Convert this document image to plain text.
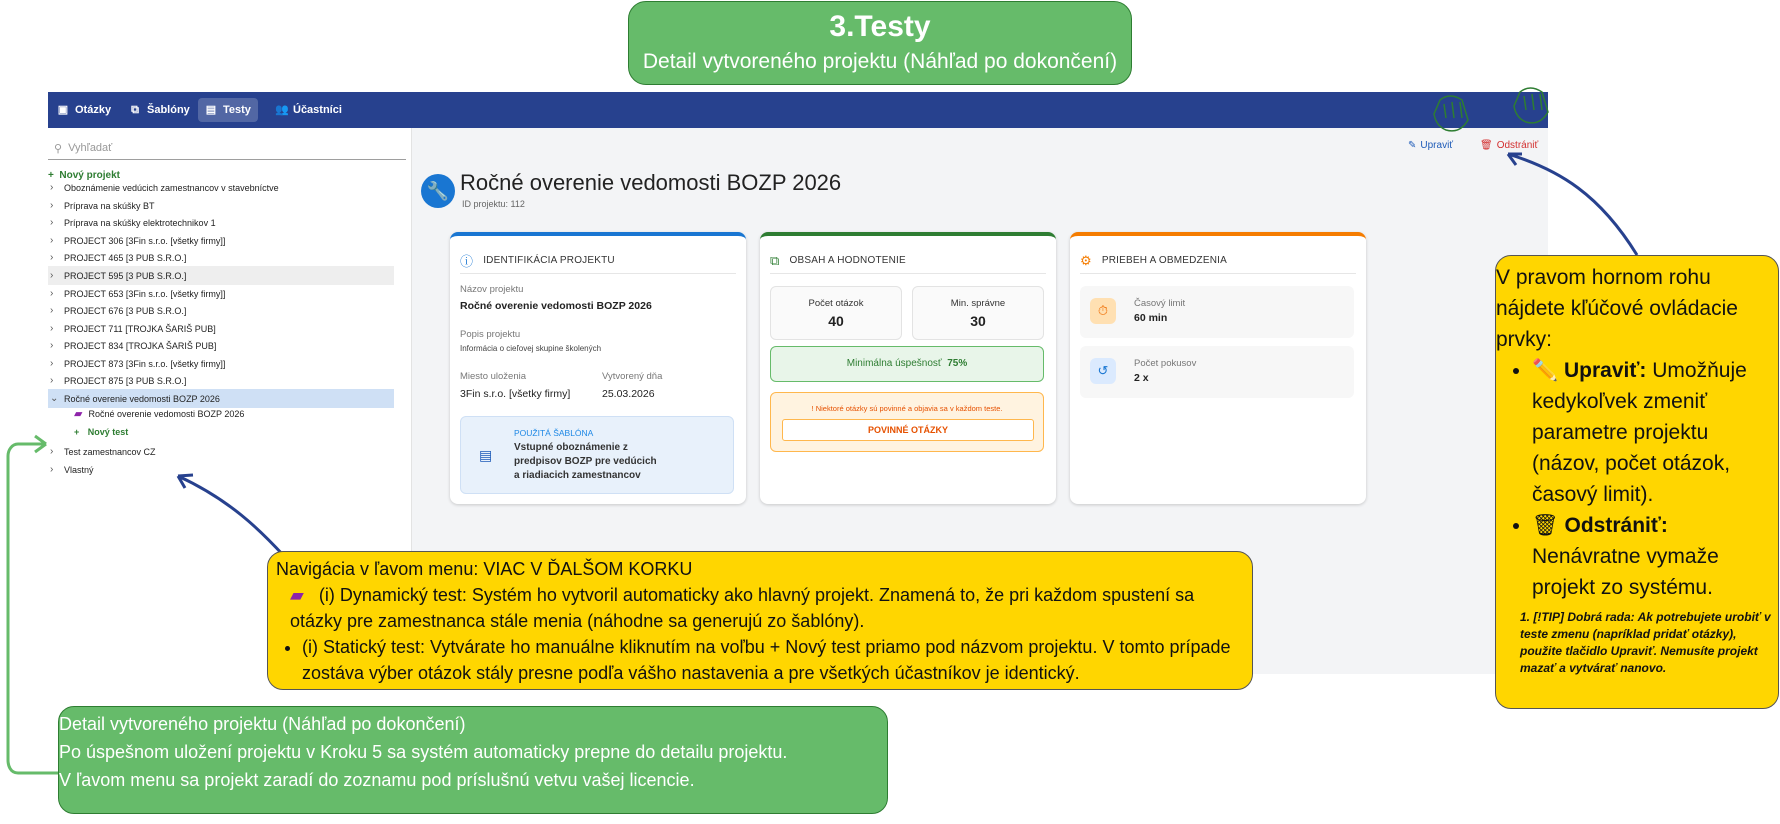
3.Testy
Detail vytvoreného projektu (Náhľad po dokončení)
▣ Otázky ⧉ Šablóny ▤ Testy 👥 Účastníci
⚲ Vyhľadať
+  Nový projekt
› Oboznámenie vedúcich zamestnancov v stavebníctve
› Príprava na skúšky BT
› Príprava na skúšky elektrotechnikov 1
› PROJECT 306 [3Fin s.r.o. [všetky firmy]]
› PROJECT 465 [3 PUB S.R.O.]
› PROJECT 595 [3 PUB S.R.O.]
› PROJECT 653 [3Fin s.r.o. [všetky firmy]]
› PROJECT 676 [3 PUB S.R.O.]
› PROJECT 711 [TROJKA ŠARIŠ PUB]
› PROJECT 834 [TROJKA ŠARIŠ PUB]
› PROJECT 873 [3Fin s.r.o. [všetky firmy]]
› PROJECT 875 [3 PUB S.R.O.]
⌄ Ročné overenie vedomosti BOZP 2026
▰ Ročné overenie vedomosti BOZP 2026
+ Nový test
› Test zamestnancov CZ
› Vlastný
✎ Upraviť	🗑 Odstrániť
🔧 Ročné overenie vedomosti BOZP 2026
ID projektu: 112
ⓘ IDENTIFIKÁCIA PROJEKTU
Názov projektu
Ročné overenie vedomosti BOZP 2026
Popis projektu
Informácia o cieľovej skupine školených
Miesto uloženia
3Fin s.r.o. [všetky firmy]
Vytvorený dňa
25.03.2026
▤
POUŽITÁ ŠABLÓNA
Vstupné oboznámenie z predpisov BOZP pre vedúcich a riadiacich zamestnancov
⧉ OBSAH A HODNOTENIE
Počet otázok
40
Min. správne
30
Minimálna úspešnosť 75%
! Niektoré otázky sú povinné a objavia sa v každom teste.
POVINNÉ OTÁZKY
⚙ PRIEBEH A OBMEDZENIA
⏱	Časový limit
60 min
↺	Počet pokusov
2 x
V pravom hornom rohu nájdete kľúčové ovládacie prvky:
• ✏️ Upraviť: Umožňuje kedykoľvek zmeniť parametre projektu (názov, počet otázok, časový limit).
• 🗑 Odstrániť: Nenávratne vymaže projekt zo systému.
1. [!TIP] Dobrá rada: Ak potrebujete urobiť v teste zmenu (napríklad pridať otázky), použite tlačidlo Upraviť. Nemusíte projekt mazať a vytvárať nanovo.
Navigácia v ľavom menu: VIAC V ĎALŠOM KORKU
▰ (i) Dynamický test: Systém ho vytvoril automaticky ako hlavný projekt. Znamená to, že pri každom spustení sa otázky pre zamestnanca stále menia (náhodne sa generujú zo šablóny).
• (i) Statický test: Vytvárate ho manuálne kliknutím na voľbu + Nový test priamo pod názvom projektu. V tomto prípade zostáva výber otázok stály presne podľa vášho nastavenia a pre všetkých účastníkov je identický.
Detail vytvoreného projektu (Náhľad po dokončení)
Po úspešnom uložení projektu v Kroku 5 sa systém automaticky prepne do detailu projektu.
V ľavom menu sa projekt zaradí do zoznamu pod príslušnú vetvu vašej licencie.
